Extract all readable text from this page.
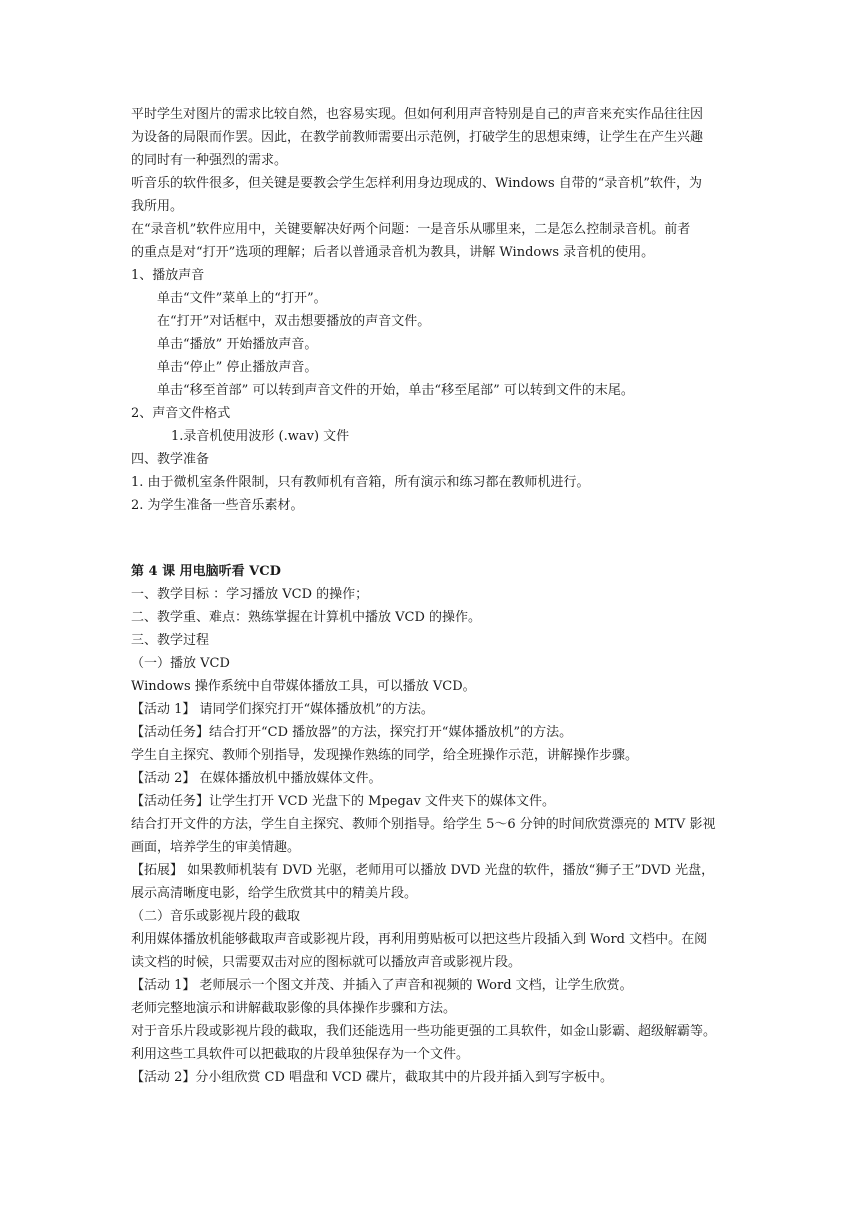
平时学生对图片的需求比较自然，也容易实现。但如何利用声音特别是自己的声音来充实作品往往因
为设备的局限而作罢。因此，在教学前教师需要出示范例，打破学生的思想束缚，让学生在产生兴趣
的同时有一种强烈的需求。
听音乐的软件很多，但关键是要教会学生怎样利用身边现成的、Windows 自带的“录音机”软件，为
我所用。
在“录音机”软件应用中，关键要解决好两个问题：一是音乐从哪里来，二是怎么控制录音机。前者
的重点是对“打开”选项的理解；后者以普通录音机为教具，讲解 Windows 录音机的使用。
1、播放声音
单击“文件”菜单上的“打开”。
在“打开”对话框中，双击想要播放的声音文件。
单击“播放” 开始播放声音。
单击“停止” 停止播放声音。
单击“移至首部” 可以转到声音文件的开始，单击“移至尾部” 可以转到文件的末尾。
2、声音文件格式
1.录音机使用波形 (.wav) 文件
四、教学准备
1. 由于微机室条件限制，只有教师机有音箱，所有演示和练习都在教师机进行。
2. 为学生准备一些音乐素材。
第 4 课 用电脑听看 VCD
一、教学目标 ：学习播放 VCD 的操作；
二、教学重、难点：熟练掌握在计算机中播放 VCD 的操作。
三、教学过程
（一）播放 VCD
Windows 操作系统中自带媒体播放工具，可以播放 VCD。
【活动 1】 请同学们探究打开“媒体播放机”的方法。
【活动任务】结合打开“CD 播放器”的方法，探究打开“媒体播放机”的方法。
学生自主探究、教师个别指导，发现操作熟练的同学，给全班操作示范，讲解操作步骤。
【活动 2】 在媒体播放机中播放媒体文件。
【活动任务】让学生打开 VCD 光盘下的 Mpegav 文件夹下的媒体文件。
结合打开文件的方法，学生自主探究、教师个别指导。给学生 5～6 分钟的时间欣赏漂亮的 MTV 影视
画面，培养学生的审美情趣。
【拓展】 如果教师机装有 DVD 光驱，老师用可以播放 DVD 光盘的软件，播放“狮子王”DVD 光盘，
展示高清晰度电影，给学生欣赏其中的精美片段。
（二）音乐或影视片段的截取
利用媒体播放机能够截取声音或影视片段，再利用剪贴板可以把这些片段插入到 Word 文档中。在阅
读文档的时候，只需要双击对应的图标就可以播放声音或影视片段。
【活动 1】 老师展示一个图文并茂、并插入了声音和视频的 Word 文档，让学生欣赏。
老师完整地演示和讲解截取影像的具体操作步骤和方法。
对于音乐片段或影视片段的截取，我们还能选用一些功能更强的工具软件，如金山影霸、超级解霸等。
利用这些工具软件可以把截取的片段单独保存为一个文件。
【活动 2】分小组欣赏 CD 唱盘和 VCD 碟片，截取其中的片段并插入到写字板中。
